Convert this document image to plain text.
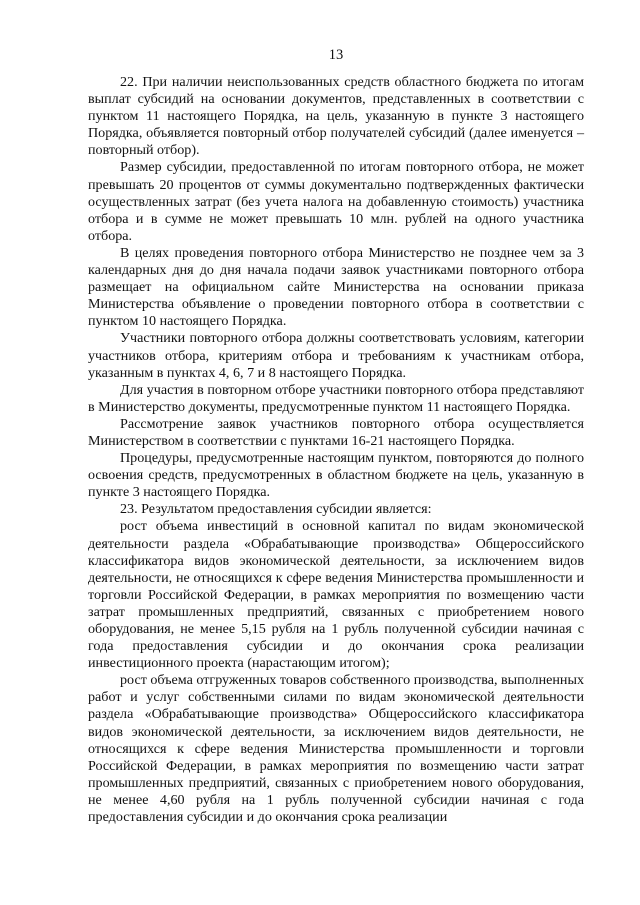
13

22. При наличии неиспользованных средств областного бюджета по итогам выплат субсидий на основании документов, представленных в соответствии с пунктом 11 настоящего Порядка, на цель, указанную в пункте 3 настоящего Порядка, объявляется повторный отбор получателей субсидий (далее именуется – повторный отбор).

Размер субсидии, предоставленной по итогам повторного отбора, не может превышать 20 процентов от суммы документально подтвержденных фактически осуществленных затрат (без учета налога на добавленную стоимость) участника отбора и в сумме не может превышать 10 млн. рублей на одного участника отбора.

В целях проведения повторного отбора Министерство не позднее чем за 3 календарных дня до дня начала подачи заявок участниками повторного отбора размещает на официальном сайте Министерства на основании приказа Министерства объявление о проведении повторного отбора в соответствии с пунктом 10 настоящего Порядка.

Участники повторного отбора должны соответствовать условиям, категории участников отбора, критериям отбора и требованиям к участникам отбора, указанным в пунктах 4, 6, 7 и 8 настоящего Порядка.

Для участия в повторном отборе участники повторного отбора представляют в Министерство документы, предусмотренные пунктом 11 настоящего Порядка.

Рассмотрение заявок участников повторного отбора осуществляется Министерством в соответствии с пунктами 16-21 настоящего Порядка.

Процедуры, предусмотренные настоящим пунктом, повторяются до полного освоения средств, предусмотренных в областном бюджете на цель, указанную в пункте 3 настоящего Порядка.

23. Результатом предоставления субсидии является:

рост объема инвестиций в основной капитал по видам экономической деятельности раздела «Обрабатывающие производства» Общероссийского классификатора видов экономической деятельности, за исключением видов деятельности, не относящихся к сфере ведения Министерства промышленности и торговли Российской Федерации, в рамках мероприятия по возмещению части затрат промышленных предприятий, связанных с приобретением нового оборудования, не менее 5,15 рубля на 1 рубль полученной субсидии начиная с года предоставления субсидии и до окончания срока реализации инвестиционного проекта (нарастающим итогом);

рост объема отгруженных товаров собственного производства, выполненных работ и услуг собственными силами по видам экономической деятельности раздела «Обрабатывающие производства» Общероссийского классификатора видов экономической деятельности, за исключением видов деятельности, не относящихся к сфере ведения Министерства промышленности и торговли Российской Федерации, в рамках мероприятия по возмещению части затрат промышленных предприятий, связанных с приобретением нового оборудования, не менее 4,60 рубля на 1 рубль полученной субсидии начиная с года предоставления субсидии и до окончания срока реализации
